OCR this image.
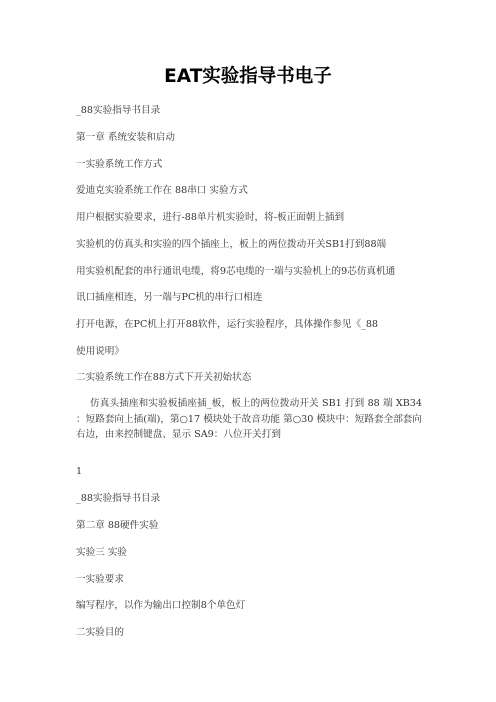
EAT实验指导书电子

_88实验指导书目录

第一章 系统安装和启动

一实验系统工作方式

爱迪克实验系统工作在 88串口 实验方式

用户根据实验要求，进行-88单片机实验时，将-板正面朝上插到

实验机的仿真头和实验的四个插座上，板上的两位拨动开关SB1打到88端

用实验机配套的串行通讯电缆，将9芯电缆的一端与实验机上的9芯仿真机通

讯口插座相连，另一端与PC机的串行口相连

打开电源，在PC机上打开88软件，运行实验程序，具体操作参见《_88

使用说明》

二实验系统工作在88方式下开关初始状态

仿真头插座和实验板插座插_板，板上的两位拨动开关 SB1 打到 88 端 XB34 ：短路套向上插(端)，第○17 模块处于故音功能 第○30 模块中：短路套全部套向右边，由来控制键盘、显示 SA9：八位开关打到

1

_88实验指导书目录

第二章 88硬件实验

实验三 实验

一实验要求

编写程序，以作为输出口控制8个单色灯

二实验目的
